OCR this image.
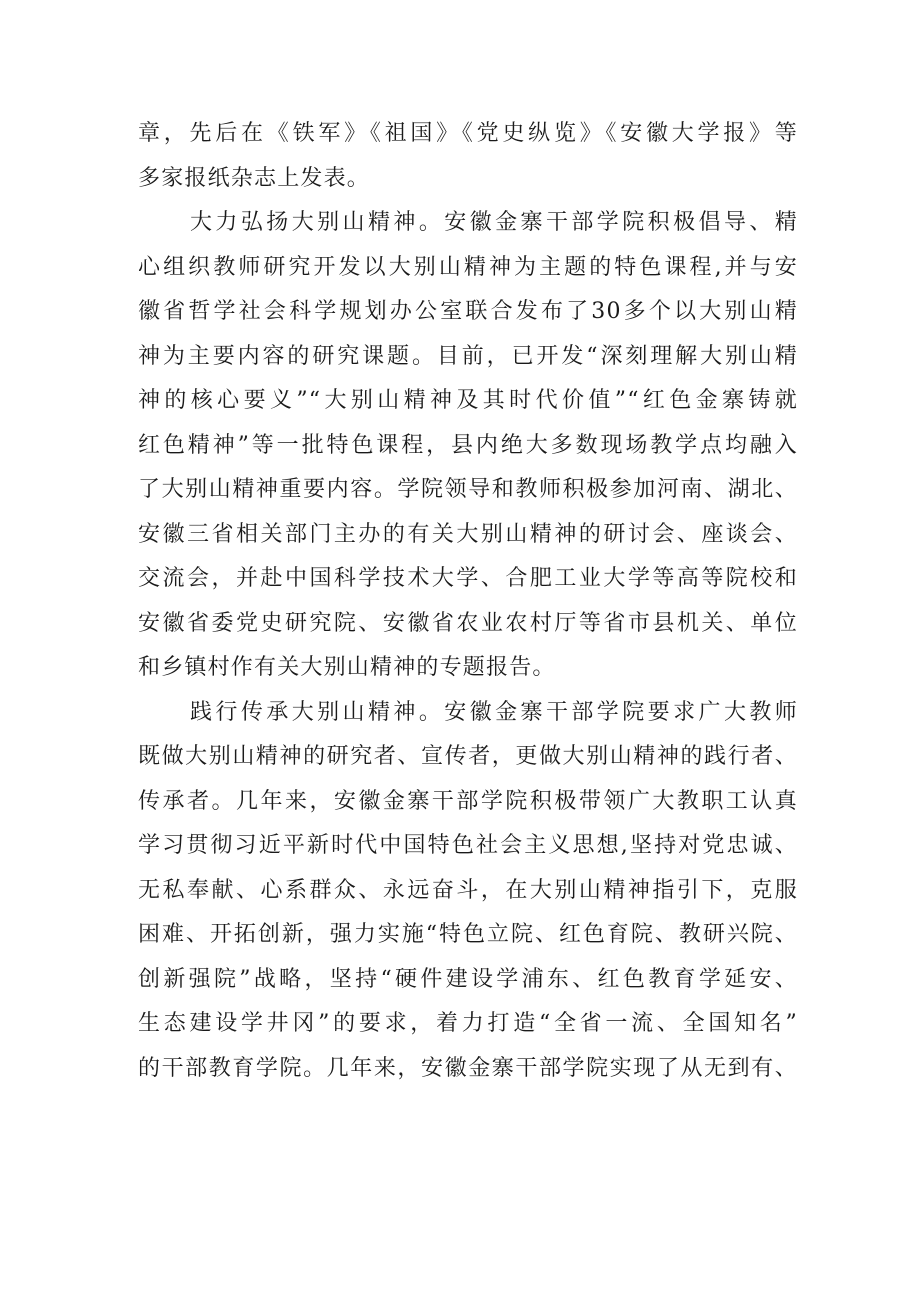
章，先后在《铁军》《祖国》《党史纵览》《安徽大学报》等
多家报纸杂志上发表。
大力弘扬大别山精神。安徽金寨干部学院积极倡导、精
心组织教师研究开发以大别山精神为主题的特色课程,并与安
徽省哲学社会科学规划办公室联合发布了30多个以大别山精
神为主要内容的研究课题。目前，已开发“深刻理解大别山精
神的核心要义”“大别山精神及其时代价值”“红色金寨铸就
红色精神”等一批特色课程，县内绝大多数现场教学点均融入
了大别山精神重要内容。学院领导和教师积极参加河南、湖北、
安徽三省相关部门主办的有关大别山精神的研讨会、座谈会、
交流会，并赴中国科学技术大学、合肥工业大学等高等院校和
安徽省委党史研究院、安徽省农业农村厅等省市县机关、单位
和乡镇村作有关大别山精神的专题报告。
践行传承大别山精神。安徽金寨干部学院要求广大教师
既做大别山精神的研究者、宣传者，更做大别山精神的践行者、
传承者。几年来，安徽金寨干部学院积极带领广大教职工认真
学习贯彻习近平新时代中国特色社会主义思想,坚持对党忠诚、
无私奉献、心系群众、永远奋斗，在大别山精神指引下，克服
困难、开拓创新，强力实施“特色立院、红色育院、教研兴院、
创新强院”战略，坚持“硬件建设学浦东、红色教育学延安、
生态建设学井冈”的要求，着力打造“全省一流、全国知名”
的干部教育学院。几年来，安徽金寨干部学院实现了从无到有、
